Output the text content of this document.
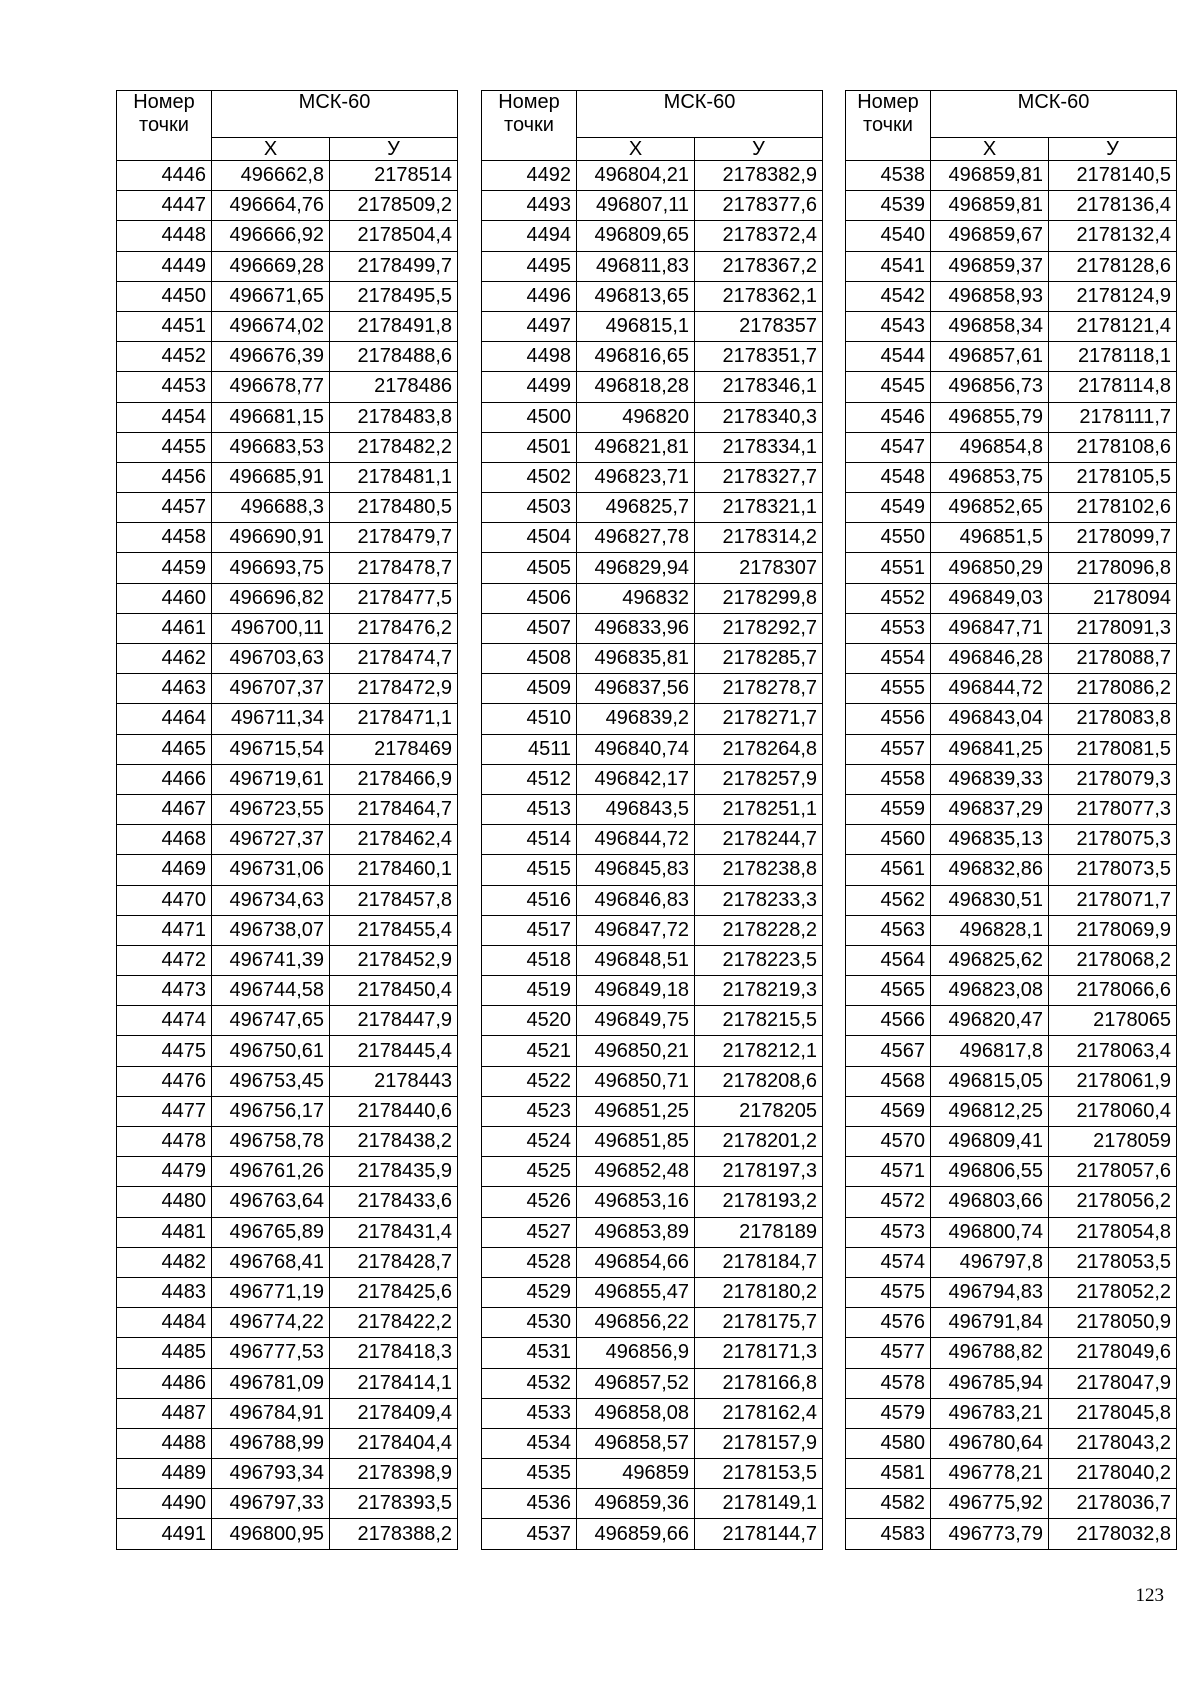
Номер
точки	МСК-60	
	Х	У
4446	496662,8	2178514
4447	496664,76	2178509,2
4448	496666,92	2178504,4
4449	496669,28	2178499,7
4450	496671,65	2178495,5
4451	496674,02	2178491,8
4452	496676,39	2178488,6
4453	496678,77	2178486
4454	496681,15	2178483,8
4455	496683,53	2178482,2
4456	496685,91	2178481,1
4457	496688,3	2178480,5
4458	496690,91	2178479,7
4459	496693,75	2178478,7
4460	496696,82	2178477,5
4461	496700,11	2178476,2
4462	496703,63	2178474,7
4463	496707,37	2178472,9
4464	496711,34	2178471,1
4465	496715,54	2178469
4466	496719,61	2178466,9
4467	496723,55	2178464,7
4468	496727,37	2178462,4
4469	496731,06	2178460,1
4470	496734,63	2178457,8
4471	496738,07	2178455,4
4472	496741,39	2178452,9
4473	496744,58	2178450,4
4474	496747,65	2178447,9
4475	496750,61	2178445,4
4476	496753,45	2178443
4477	496756,17	2178440,6
4478	496758,78	2178438,2
4479	496761,26	2178435,9
4480	496763,64	2178433,6
4481	496765,89	2178431,4
4482	496768,41	2178428,7
4483	496771,19	2178425,6
4484	496774,22	2178422,2
4485	496777,53	2178418,3
4486	496781,09	2178414,1
4487	496784,91	2178409,4
4488	496788,99	2178404,4
4489	496793,34	2178398,9
4490	496797,33	2178393,5
4491	496800,95	2178388,2
Номер
точки	МСК-60	
	Х	У
4492	496804,21	2178382,9
4493	496807,11	2178377,6
4494	496809,65	2178372,4
4495	496811,83	2178367,2
4496	496813,65	2178362,1
4497	496815,1	2178357
4498	496816,65	2178351,7
4499	496818,28	2178346,1
4500	496820	2178340,3
4501	496821,81	2178334,1
4502	496823,71	2178327,7
4503	496825,7	2178321,1
4504	496827,78	2178314,2
4505	496829,94	2178307
4506	496832	2178299,8
4507	496833,96	2178292,7
4508	496835,81	2178285,7
4509	496837,56	2178278,7
4510	496839,2	2178271,7
4511	496840,74	2178264,8
4512	496842,17	2178257,9
4513	496843,5	2178251,1
4514	496844,72	2178244,7
4515	496845,83	2178238,8
4516	496846,83	2178233,3
4517	496847,72	2178228,2
4518	496848,51	2178223,5
4519	496849,18	2178219,3
4520	496849,75	2178215,5
4521	496850,21	2178212,1
4522	496850,71	2178208,6
4523	496851,25	2178205
4524	496851,85	2178201,2
4525	496852,48	2178197,3
4526	496853,16	2178193,2
4527	496853,89	2178189
4528	496854,66	2178184,7
4529	496855,47	2178180,2
4530	496856,22	2178175,7
4531	496856,9	2178171,3
4532	496857,52	2178166,8
4533	496858,08	2178162,4
4534	496858,57	2178157,9
4535	496859	2178153,5
4536	496859,36	2178149,1
4537	496859,66	2178144,7
Номер
точки	МСК-60	
	Х	У
4538	496859,81	2178140,5
4539	496859,81	2178136,4
4540	496859,67	2178132,4
4541	496859,37	2178128,6
4542	496858,93	2178124,9
4543	496858,34	2178121,4
4544	496857,61	2178118,1
4545	496856,73	2178114,8
4546	496855,79	2178111,7
4547	496854,8	2178108,6
4548	496853,75	2178105,5
4549	496852,65	2178102,6
4550	496851,5	2178099,7
4551	496850,29	2178096,8
4552	496849,03	2178094
4553	496847,71	2178091,3
4554	496846,28	2178088,7
4555	496844,72	2178086,2
4556	496843,04	2178083,8
4557	496841,25	2178081,5
4558	496839,33	2178079,3
4559	496837,29	2178077,3
4560	496835,13	2178075,3
4561	496832,86	2178073,5
4562	496830,51	2178071,7
4563	496828,1	2178069,9
4564	496825,62	2178068,2
4565	496823,08	2178066,6
4566	496820,47	2178065
4567	496817,8	2178063,4
4568	496815,05	2178061,9
4569	496812,25	2178060,4
4570	496809,41	2178059
4571	496806,55	2178057,6
4572	496803,66	2178056,2
4573	496800,74	2178054,8
4574	496797,8	2178053,5
4575	496794,83	2178052,2
4576	496791,84	2178050,9
4577	496788,82	2178049,6
4578	496785,94	2178047,9
4579	496783,21	2178045,8
4580	496780,64	2178043,2
4581	496778,21	2178040,2
4582	496775,92	2178036,7
4583	496773,79	2178032,8
123
